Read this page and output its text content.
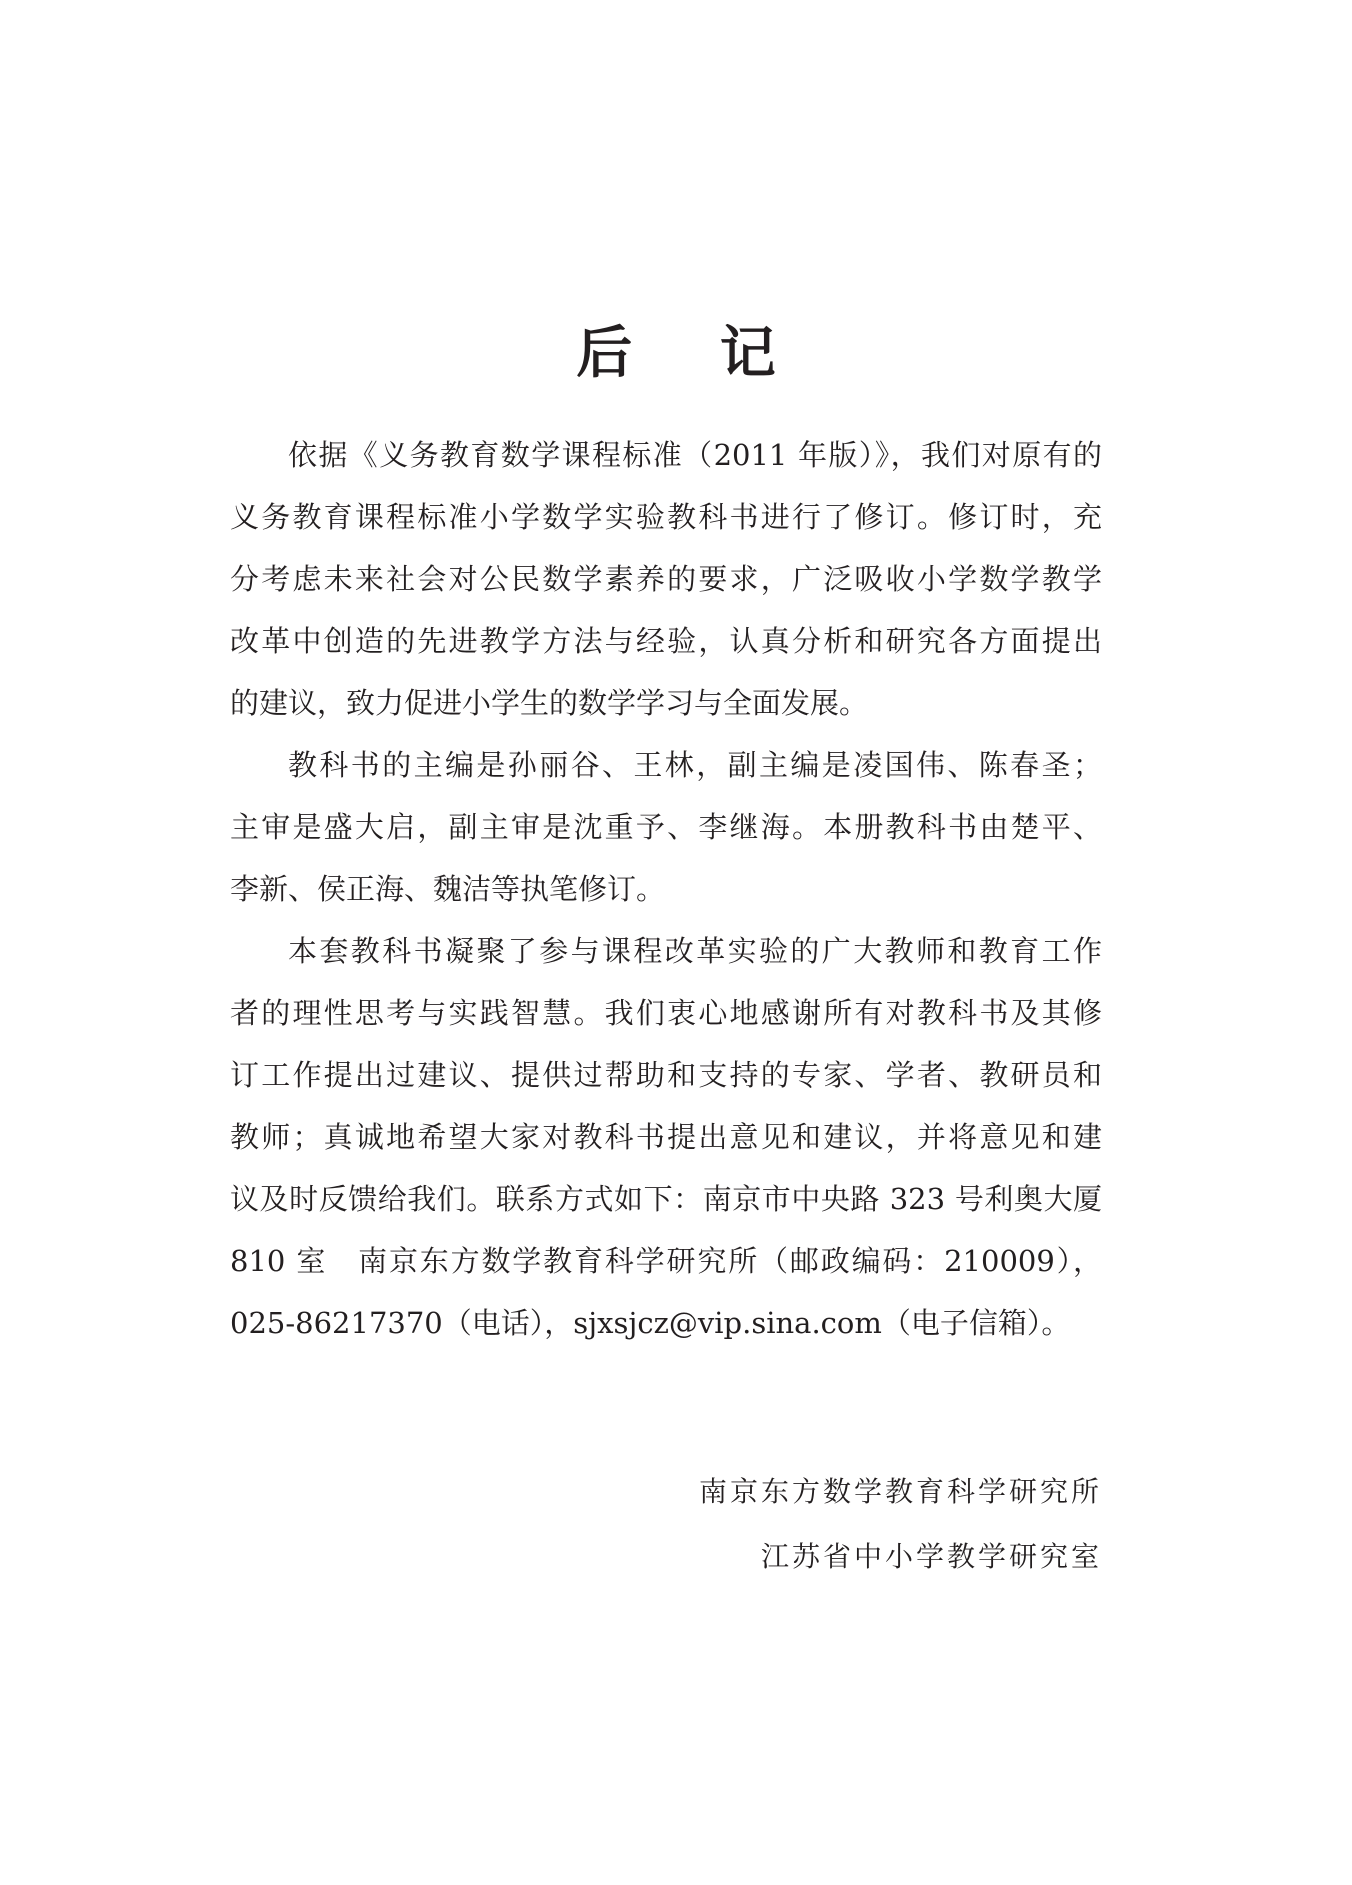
后 记
依据《义务教育数学课程标准（2011 年版）》，我们对原有的
义务教育课程标准小学数学实验教科书进行了修订。修订时，充
分考虑未来社会对公民数学素养的要求，广泛吸收小学数学教学
改革中创造的先进教学方法与经验，认真分析和研究各方面提出
的建议，致力促进小学生的数学学习与全面发展。
教科书的主编是孙丽谷、王林，副主编是凌国伟、陈春圣；
主审是盛大启，副主审是沈重予、李继海。本册教科书由楚平、
李新、侯正海、魏洁等执笔修订。
本套教科书凝聚了参与课程改革实验的广大教师和教育工作
者的理性思考与实践智慧。我们衷心地感谢所有对教科书及其修
订工作提出过建议、提供过帮助和支持的专家、学者、教研员和
教师；真诚地希望大家对教科书提出意见和建议，并将意见和建
议及时反馈给我们。联系方式如下：南京市中央路 323 号利奥大厦
810 室　南京东方数学教育科学研究所（邮政编码：210009），
025-86217370（电话），sjxsjcz@vip.sina.com（电子信箱）。
南京东方数学教育科学研究所
江苏省中小学教学研究室
